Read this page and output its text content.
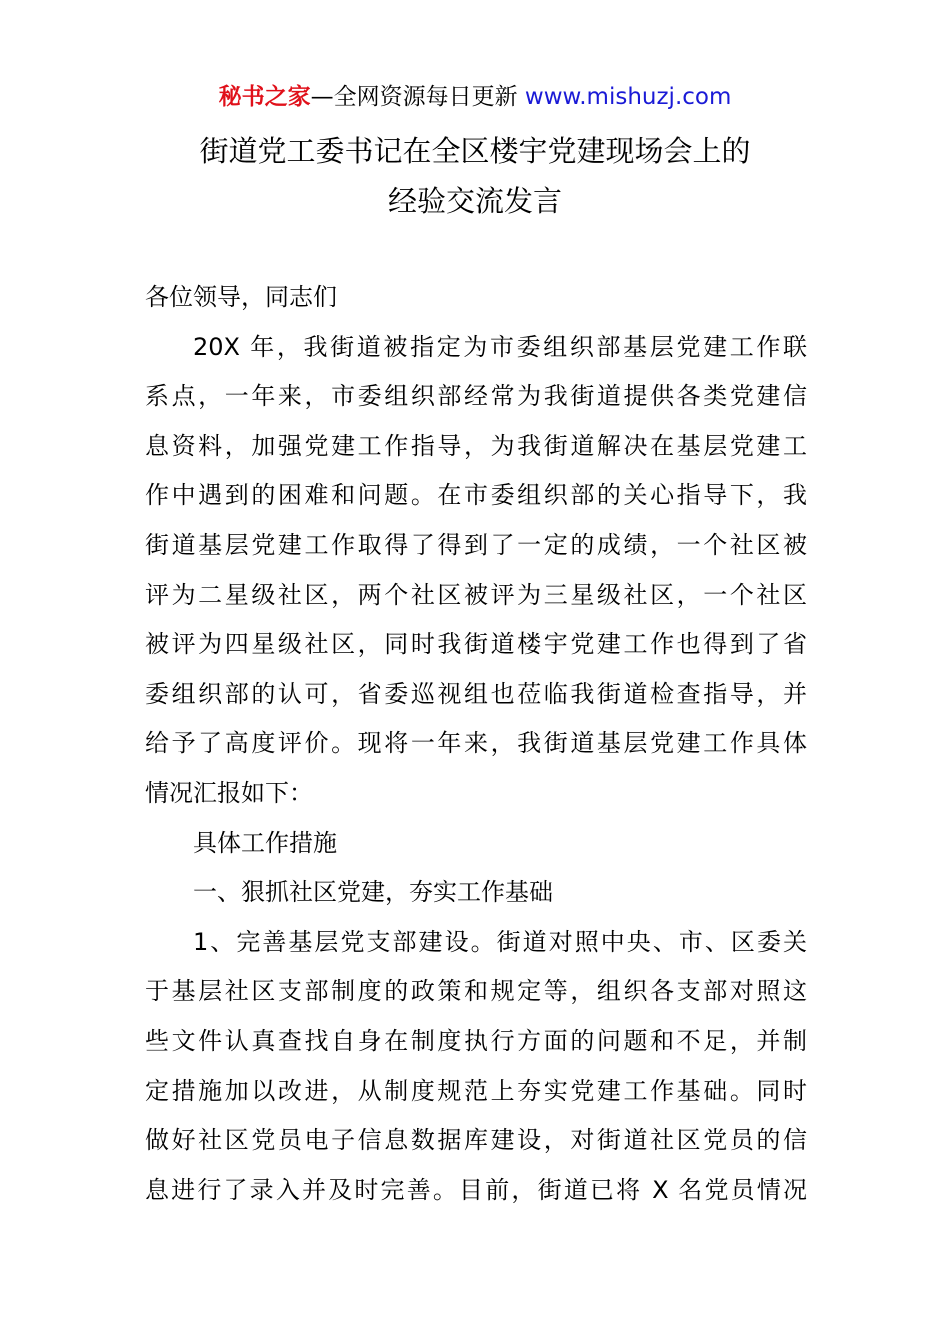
秘书之家—全网资源每日更新 www.mishuzj.com
街道党工委书记在全区楼宇党建现场会上的
经验交流发言
各位领导，同志们
20X 年，我街道被指定为市委组织部基层党建工作联
系点，一年来，市委组织部经常为我街道提供各类党建信
息资料，加强党建工作指导，为我街道解决在基层党建工
作中遇到的困难和问题。在市委组织部的关心指导下，我
街道基层党建工作取得了得到了一定的成绩，一个社区被
评为二星级社区，两个社区被评为三星级社区，一个社区
被评为四星级社区，同时我街道楼宇党建工作也得到了省
委组织部的认可，省委巡视组也莅临我街道检查指导，并
给予了高度评价。现将一年来，我街道基层党建工作具体
情况汇报如下：
具体工作措施
一、狠抓社区党建，夯实工作基础
1、完善基层党支部建设。街道对照中央、市、区委关
于基层社区支部制度的政策和规定等，组织各支部对照这
些文件认真查找自身在制度执行方面的问题和不足，并制
定措施加以改进，从制度规范上夯实党建工作基础。同时
做好社区党员电子信息数据库建设，对街道社区党员的信
息进行了录入并及时完善。目前，街道已将 X 名党员情况
